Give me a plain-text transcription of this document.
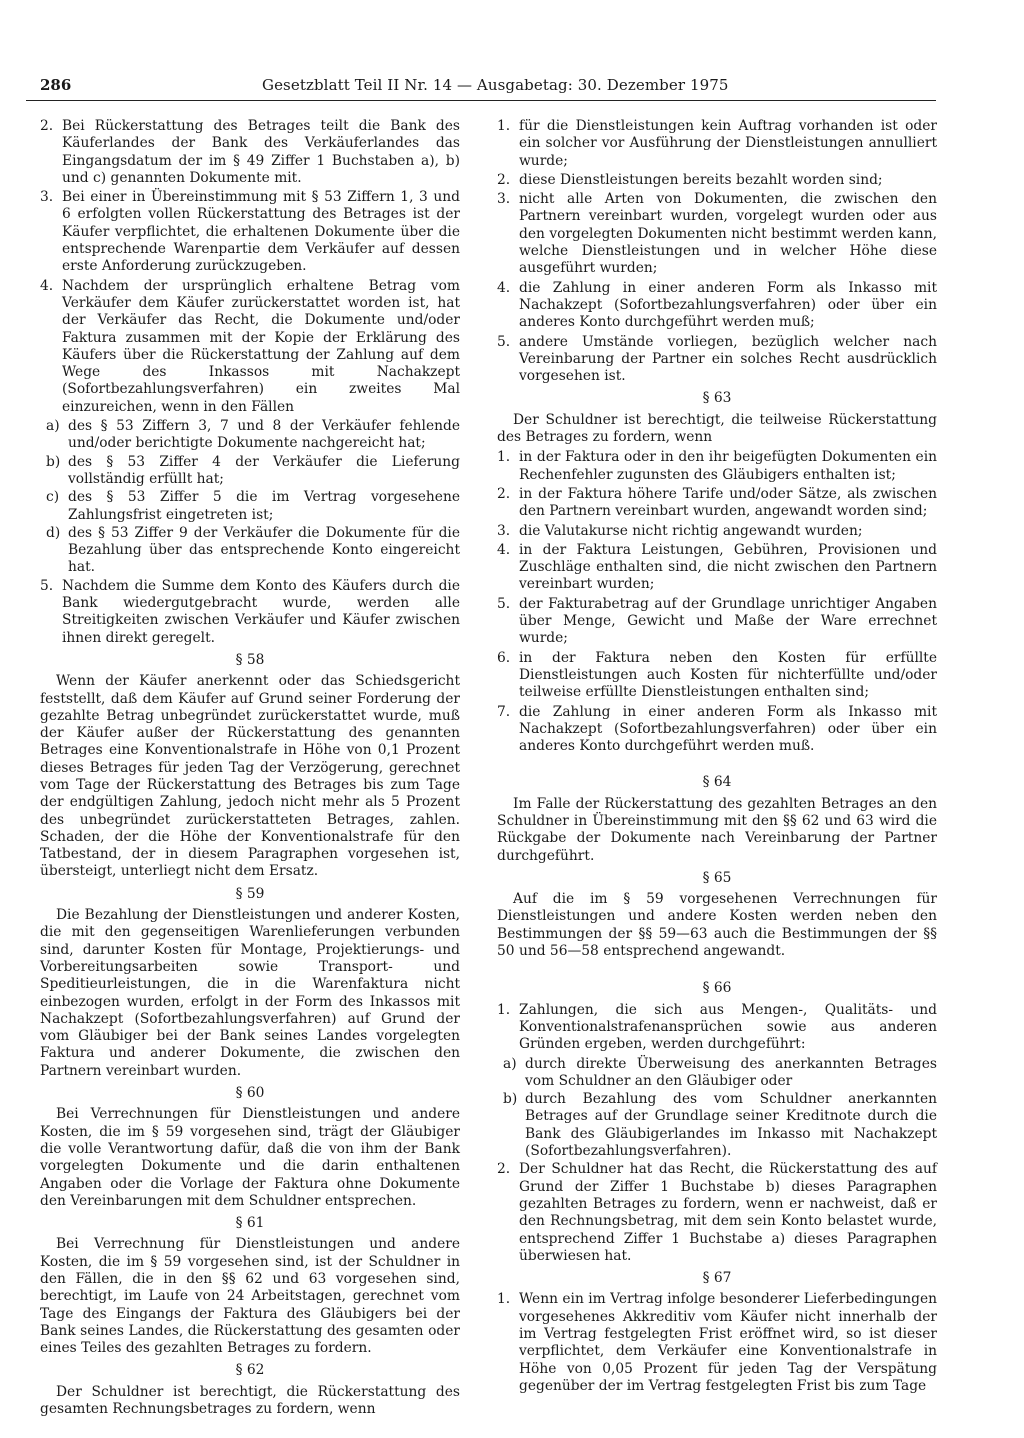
286	Gesetzblatt Teil II Nr. 14 — Ausgabetag: 30. Dezember 1975
2. Bei Rückerstattung des Betrages teilt die Bank des Käuferlandes der Bank des Verkäuferlandes das Eingangsdatum der im § 49 Ziffer 1 Buchstaben a), b) und c) genannten Dokumente mit.
3. Bei einer in Übereinstimmung mit § 53 Ziffern 1, 3 und 6 erfolgten vollen Rückerstattung des Betrages ist der Käufer verpflichtet, die erhaltenen Dokumente über die entsprechende Warenpartie dem Verkäufer auf dessen erste Anforderung zurückzugeben.
4. Nachdem der ursprünglich erhaltene Betrag vom Verkäufer dem Käufer zurückerstattet worden ist, hat der Verkäufer das Recht, die Dokumente und/oder Faktura zusammen mit der Kopie der Erklärung des Käufers über die Rückerstattung der Zahlung auf dem Wege des Inkassos mit Nachakzept (Sofortbezahlungsverfahren) ein zweites Mal einzureichen, wenn in den Fällen
a) des § 53 Ziffern 3, 7 und 8 der Verkäufer fehlende und/oder berichtigte Dokumente nachgereicht hat;
b) des § 53 Ziffer 4 der Verkäufer die Lieferung vollständig erfüllt hat;
c) des § 53 Ziffer 5 die im Vertrag vorgesehene Zahlungsfrist eingetreten ist;
d) des § 53 Ziffer 9 der Verkäufer die Dokumente für die Bezahlung über das entsprechende Konto eingereicht hat.
5. Nachdem die Summe dem Konto des Käufers durch die Bank wiedergutgebracht wurde, werden alle Streitigkeiten zwischen Verkäufer und Käufer zwischen ihnen direkt geregelt.
§ 58
Wenn der Käufer anerkennt oder das Schiedsgericht feststellt, daß dem Käufer auf Grund seiner Forderung der gezahlte Betrag unbegründet zurückerstattet wurde, muß der Käufer außer der Rückerstattung des genannten Betrages eine Konventionalstrafe in Höhe von 0,1 Prozent dieses Betrages für jeden Tag der Verzögerung, gerechnet vom Tage der Rückerstattung des Betrages bis zum Tage der endgültigen Zahlung, jedoch nicht mehr als 5 Prozent des unbegründet zurückerstatteten Betrages, zahlen. Schaden, der die Höhe der Konventionalstrafe für den Tatbestand, der in diesem Paragraphen vorgesehen ist, übersteigt, unterliegt nicht dem Ersatz.
§ 59
Die Bezahlung der Dienstleistungen und anderer Kosten, die mit den gegenseitigen Warenlieferungen verbunden sind, darunter Kosten für Montage, Projektierungs- und Vorbereitungsarbeiten sowie Transport- und Speditieurleistungen, die in die Warenfaktura nicht einbezogen wurden, erfolgt in der Form des Inkassos mit Nachakzept (Sofortbezahlungsverfahren) auf Grund der vom Gläubiger bei der Bank seines Landes vorgelegten Faktura und anderer Dokumente, die zwischen den Partnern vereinbart wurden.
§ 60
Bei Verrechnungen für Dienstleistungen und andere Kosten, die im § 59 vorgesehen sind, trägt der Gläubiger die volle Verantwortung dafür, daß die von ihm der Bank vorgelegten Dokumente und die darin enthaltenen Angaben oder die Vorlage der Faktura ohne Dokumente den Vereinbarungen mit dem Schuldner entsprechen.
§ 61
Bei Verrechnung für Dienstleistungen und andere Kosten, die im § 59 vorgesehen sind, ist der Schuldner in den Fällen, die in den §§ 62 und 63 vorgesehen sind, berechtigt, im Laufe von 24 Arbeitstagen, gerechnet vom Tage des Eingangs der Faktura des Gläubigers bei der Bank seines Landes, die Rückerstattung des gesamten oder eines Teiles des gezahlten Betrages zu fordern.
§ 62
Der Schuldner ist berechtigt, die Rückerstattung des gesamten Rechnungsbetrages zu fordern, wenn
1. für die Dienstleistungen kein Auftrag vorhanden ist oder ein solcher vor Ausführung der Dienstleistungen annulliert wurde;
2. diese Dienstleistungen bereits bezahlt worden sind;
3. nicht alle Arten von Dokumenten, die zwischen den Partnern vereinbart wurden, vorgelegt wurden oder aus den vorgelegten Dokumenten nicht bestimmt werden kann, welche Dienstleistungen und in welcher Höhe diese ausgeführt wurden;
4. die Zahlung in einer anderen Form als Inkasso mit Nachakzept (Sofortbezahlungsverfahren) oder über ein anderes Konto durchgeführt werden muß;
5. andere Umstände vorliegen, bezüglich welcher nach Vereinbarung der Partner ein solches Recht ausdrücklich vorgesehen ist.
§ 63
Der Schuldner ist berechtigt, die teilweise Rückerstattung des Betrages zu fordern, wenn
1. in der Faktura oder in den ihr beigefügten Dokumenten ein Rechenfehler zugunsten des Gläubigers enthalten ist;
2. in der Faktura höhere Tarife und/oder Sätze, als zwischen den Partnern vereinbart wurden, angewandt worden sind;
3. die Valutakurse nicht richtig angewandt wurden;
4. in der Faktura Leistungen, Gebühren, Provisionen und Zuschläge enthalten sind, die nicht zwischen den Partnern vereinbart wurden;
5. der Fakturabetrag auf der Grundlage unrichtiger Angaben über Menge, Gewicht und Maße der Ware errechnet wurde;
6. in der Faktura neben den Kosten für erfüllte Dienstleistungen auch Kosten für nichterfüllte und/oder teilweise erfüllte Dienstleistungen enthalten sind;
7. die Zahlung in einer anderen Form als Inkasso mit Nachakzept (Sofortbezahlungsverfahren) oder über ein anderes Konto durchgeführt werden muß.
§ 64
Im Falle der Rückerstattung des gezahlten Betrages an den Schuldner in Übereinstimmung mit den §§ 62 und 63 wird die Rückgabe der Dokumente nach Vereinbarung der Partner durchgeführt.
§ 65
Auf die im § 59 vorgesehenen Verrechnungen für Dienstleistungen und andere Kosten werden neben den Bestimmungen der §§ 59—63 auch die Bestimmungen der §§ 50 und 56—58 entsprechend angewandt.
§ 66
1. Zahlungen, die sich aus Mengen-, Qualitäts- und Konventionalstrafenansprüchen sowie aus anderen Gründen ergeben, werden durchgeführt:
a) durch direkte Überweisung des anerkannten Betrages vom Schuldner an den Gläubiger oder
b) durch Bezahlung des vom Schuldner anerkannten Betrages auf der Grundlage seiner Kreditnote durch die Bank des Gläubigerlandes im Inkasso mit Nachakzept (Sofortbezahlungsverfahren).
2. Der Schuldner hat das Recht, die Rückerstattung des auf Grund der Ziffer 1 Buchstabe b) dieses Paragraphen gezahlten Betrages zu fordern, wenn er nachweist, daß er den Rechnungsbetrag, mit dem sein Konto belastet wurde, entsprechend Ziffer 1 Buchstabe a) dieses Paragraphen überwiesen hat.
§ 67
1. Wenn ein im Vertrag infolge besonderer Lieferbedingungen vorgesehenes Akkreditiv vom Käufer nicht innerhalb der im Vertrag festgelegten Frist eröffnet wird, so ist dieser verpflichtet, dem Verkäufer eine Konventionalstrafe in Höhe von 0,05 Prozent für jeden Tag der Verspätung gegenüber der im Vertrag festgelegten Frist bis zum Tage
